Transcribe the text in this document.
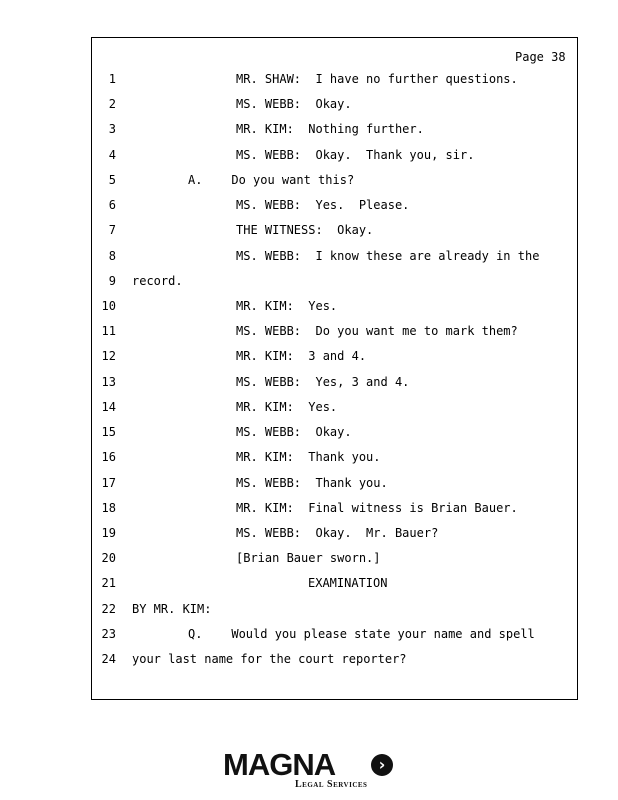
Page 38
1	MR. SHAW:  I have no further questions.
2	MS. WEBB:  Okay.
3	MR. KIM:  Nothing further.
4	MS. WEBB:  Okay.  Thank you, sir.
5	A.    Do you want this?
6	MS. WEBB:  Yes.  Please.
7	THE WITNESS:  Okay.
8	MS. WEBB:  I know these are already in the
9 record.
10	MR. KIM:  Yes.
11	MS. WEBB:  Do you want me to mark them?
12	MR. KIM:  3 and 4.
13	MS. WEBB:  Yes, 3 and 4.
14	MR. KIM:  Yes.
15	MS. WEBB:  Okay.
16	MR. KIM:  Thank you.
17	MS. WEBB:  Thank you.
18	MR. KIM:  Final witness is Brian Bauer.
19	MS. WEBB:  Okay.  Mr. Bauer?
20	[Brian Bauer sworn.]
21	EXAMINATION
22 BY MR. KIM:
23	Q.    Would you please state your name and spell
24 your last name for the court reporter?
MAGNA	›
Legal Services
